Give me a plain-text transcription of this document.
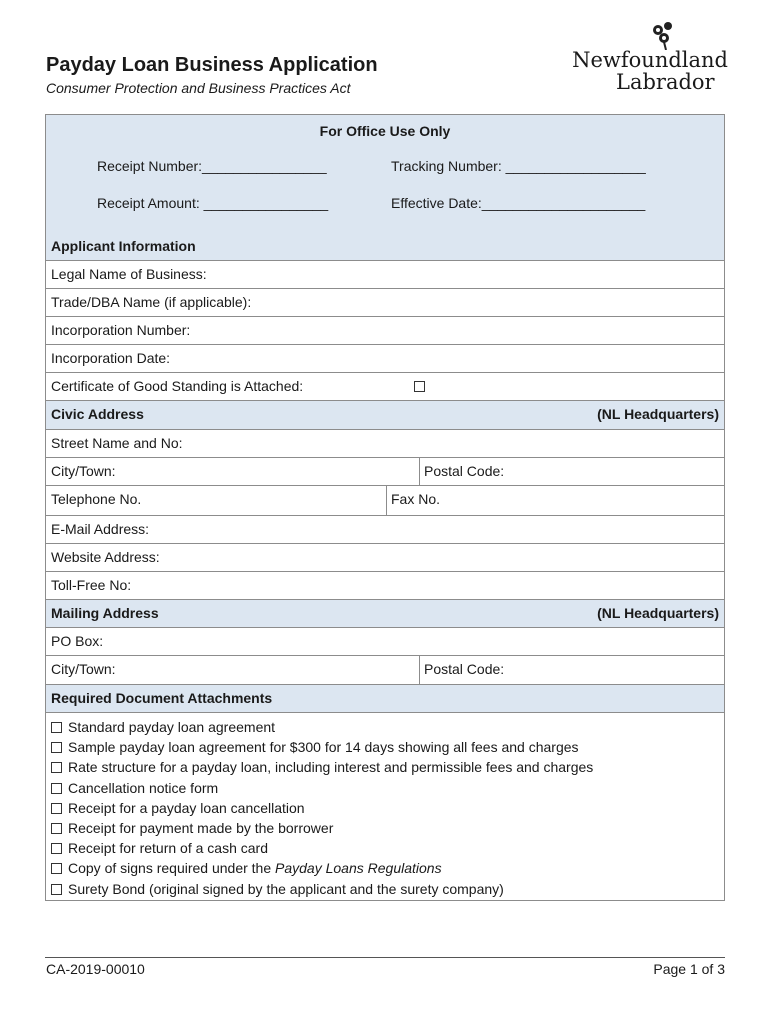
Payday Loan Business Application
Consumer Protection and Business Practices Act
Newfoundland
Labrador
For Office Use Only
Receipt Number:________________	Tracking Number: __________________
Receipt Amount: ________________	Effective Date:_____________________
Applicant Information
Legal Name of Business:
Trade/DBA Name (if applicable):
Incorporation Number:
Incorporation Date:
Certificate of Good Standing is Attached:
Civic Address	(NL Headquarters)
Street Name and No:
City/Town:	Postal Code:
Telephone No.	Fax No.
E-Mail Address:
Website Address:
Toll-Free No:
Mailing Address	(NL Headquarters)
PO Box:
City/Town:	Postal Code:
Required Document Attachments
Standard payday loan agreement
Sample payday loan agreement for $300 for 14 days showing all fees and charges
Rate structure for a payday loan, including interest and permissible fees and charges
Cancellation notice form
Receipt for a payday loan cancellation
Receipt for payment made by the borrower
Receipt for return of a cash card
Copy of signs required under the Payday Loans Regulations
Surety Bond (original signed by the applicant and the surety company)
CA-2019-00010	Page 1 of 3
